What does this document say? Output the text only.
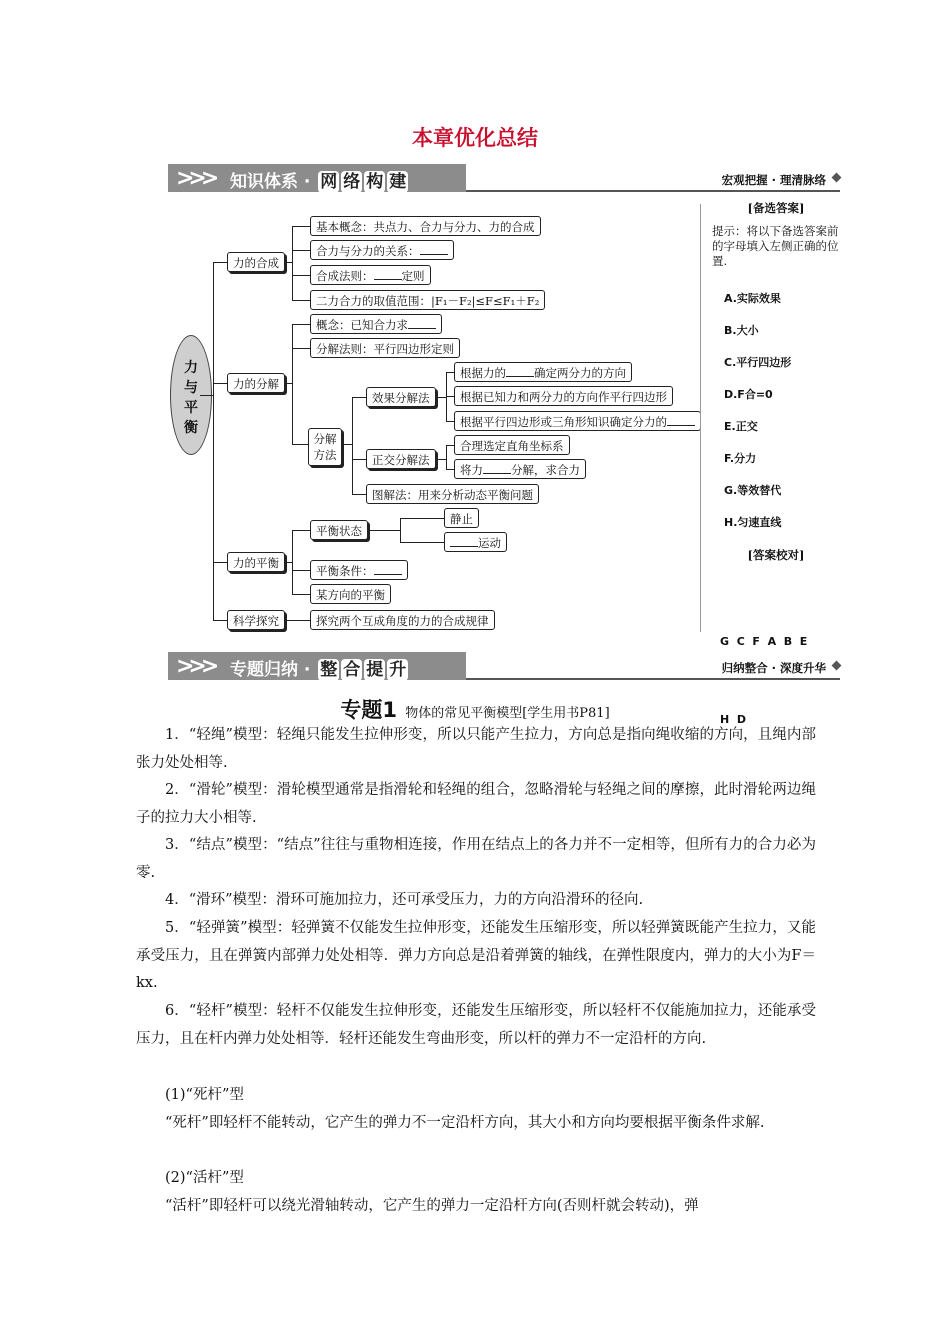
本章优化总结
>>> 知识体系 · 网 络 构 建	宏观把握 · 理清脉络
力
与
平
衡
力的合成
力的分解
力的平衡
科学探究
基本概念：共点力、合力与分力、力的合成
合力与分力的关系：
合成法则： 定则
二力合力的取值范围：|F₁－F₂|≤F≤F₁＋F₂
概念：已知合力求
分解法则：平行四边形定则
分解
方法
效果分解法
根据力的 确定两分力的方向
根据已知力和两分力的方向作平行四边形
根据平行四边形或三角形知识确定分力的
正交分解法
合理选定直角坐标系
将力 分解，求合力
图解法：用来分析动态平衡问题
平衡状态
静止
运动
平衡条件：
某方向的平衡
探究两个互成角度的力的合成规律
[备选答案]
提示：将以下备选答案前的字母填入左侧正确的位置.
A.实际效果
B.大小
C.平行四边形
D.F合=0
E.正交
F.分力
G.等效替代
H.匀速直线
[答案校对]

G  C  F  A  B  E

H  D

>>> 专题归纳 · 整 合 提 升	归纳整合 · 深度升华
专题1 物体的常见平衡模型[学生用书P81]
1．“轻绳”模型：轻绳只能发生拉伸形变，所以只能产生拉力，方向总是指向绳收缩的方向，且绳内部张力处处相等.
2．“滑轮”模型：滑轮模型通常是指滑轮和轻绳的组合，忽略滑轮与轻绳之间的摩擦，此时滑轮两边绳子的拉力大小相等.
3．“结点”模型：“结点”往往与重物相连接，作用在结点上的各力并不一定相等，但所有力的合力必为零.
4．“滑环”模型：滑环可施加拉力，还可承受压力，力的方向沿滑环的径向.
5．“轻弹簧”模型：轻弹簧不仅能发生拉伸形变，还能发生压缩形变，所以轻弹簧既能产生拉力，又能承受压力，且在弹簧内部弹力处处相等．弹力方向总是沿着弹簧的轴线，在弹性限度内，弹力的大小为F＝kx.
6．“轻杆”模型：轻杆不仅能发生拉伸形变，还能发生压缩形变，所以轻杆不仅能施加拉力，还能承受压力，且在杆内弹力处处相等．轻杆还能发生弯曲形变，所以杆的弹力不一定沿杆的方向.
(1)“死杆”型
“死杆”即轻杆不能转动，它产生的弹力不一定沿杆方向，其大小和方向均要根据平衡条件求解.
(2)“活杆”型
“活杆”即轻杆可以绕光滑轴转动，它产生的弹力一定沿杆方向(否则杆就会转动)，弹
